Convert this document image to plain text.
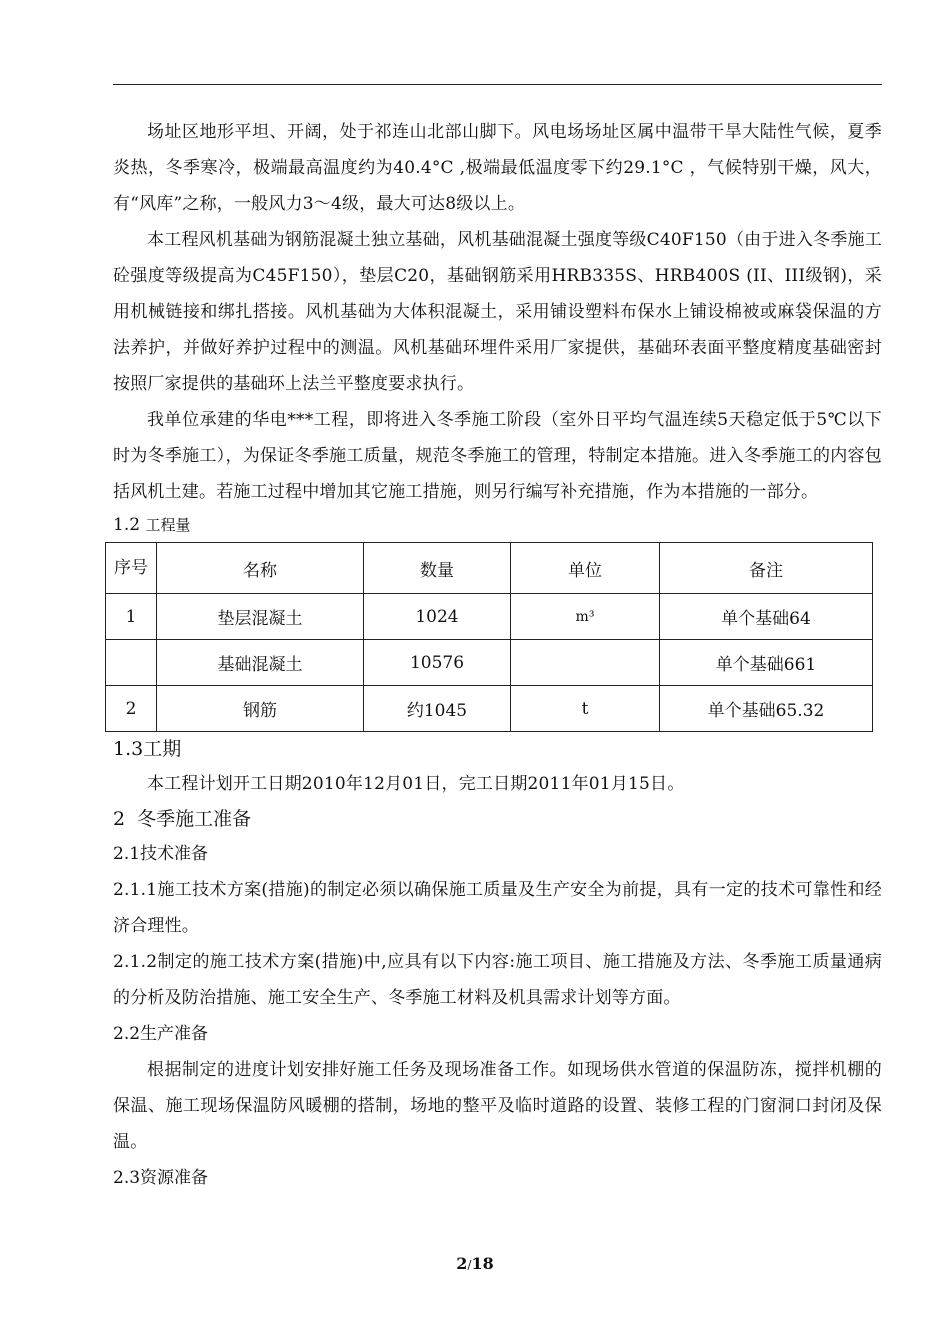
场址区地形平坦、开阔，处于祁连山北部山脚下。风电场场址区属中温带干旱大陆性气候，夏季炎热，冬季寒冷，极端最高温度约为40.4°C ,极端最低温度零下约29.1°C ，气候特别干燥，风大，有“风库”之称，一般风力3～4级，最大可达8级以上。

本工程风机基础为钢筋混凝土独立基础，风机基础混凝土强度等级C40F150（由于进入冬季施工砼强度等级提高为C45F150），垫层C20，基础钢筋采用HRB335S、HRB400S (II、III级钢)，采用机械链接和绑扎搭接。风机基础为大体积混凝土，采用铺设塑料布保水上铺设棉被或麻袋保温的方法养护，并做好养护过程中的测温。风机基础环埋件采用厂家提供，基础环表面平整度精度基础密封按照厂家提供的基础环上法兰平整度要求执行。

我单位承建的华电***工程，即将进入冬季施工阶段（室外日平均气温连续5天稳定低于5℃以下时为冬季施工），为保证冬季施工质量，规范冬季施工的管理，特制定本措施。进入冬季施工的内容包括风机土建。若施工过程中增加其它施工措施，则另行编写补充措施，作为本措施的一部分。

1.2 工程量
序号	名称	数量	单位	备注
1	垫层混凝土	1024	m³	单个基础64
	基础混凝土	10576		单个基础661
2	钢筋	约1045	t	单个基础65.32
1.3工期

本工程计划开工日期2010年12月01日，完工日期2011年01月15日。

2  冬季施工准备
2.1技术准备

2.1.1施工技术方案(措施)的制定必须以确保施工质量及生产安全为前提，具有一定的技术可靠性和经济合理性。

2.1.2制定的施工技术方案(措施)中,应具有以下内容:施工项目、施工措施及方法、冬季施工质量通病的分析及防治措施、施工安全生产、冬季施工材料及机具需求计划等方面。

2.2生产准备

根据制定的进度计划安排好施工任务及现场准备工作。如现场供水管道的保温防冻，搅拌机棚的保温、施工现场保温防风暖棚的搭制，场地的整平及临时道路的设置、装修工程的门窗洞口封闭及保温。

2.3资源准备
2/18
